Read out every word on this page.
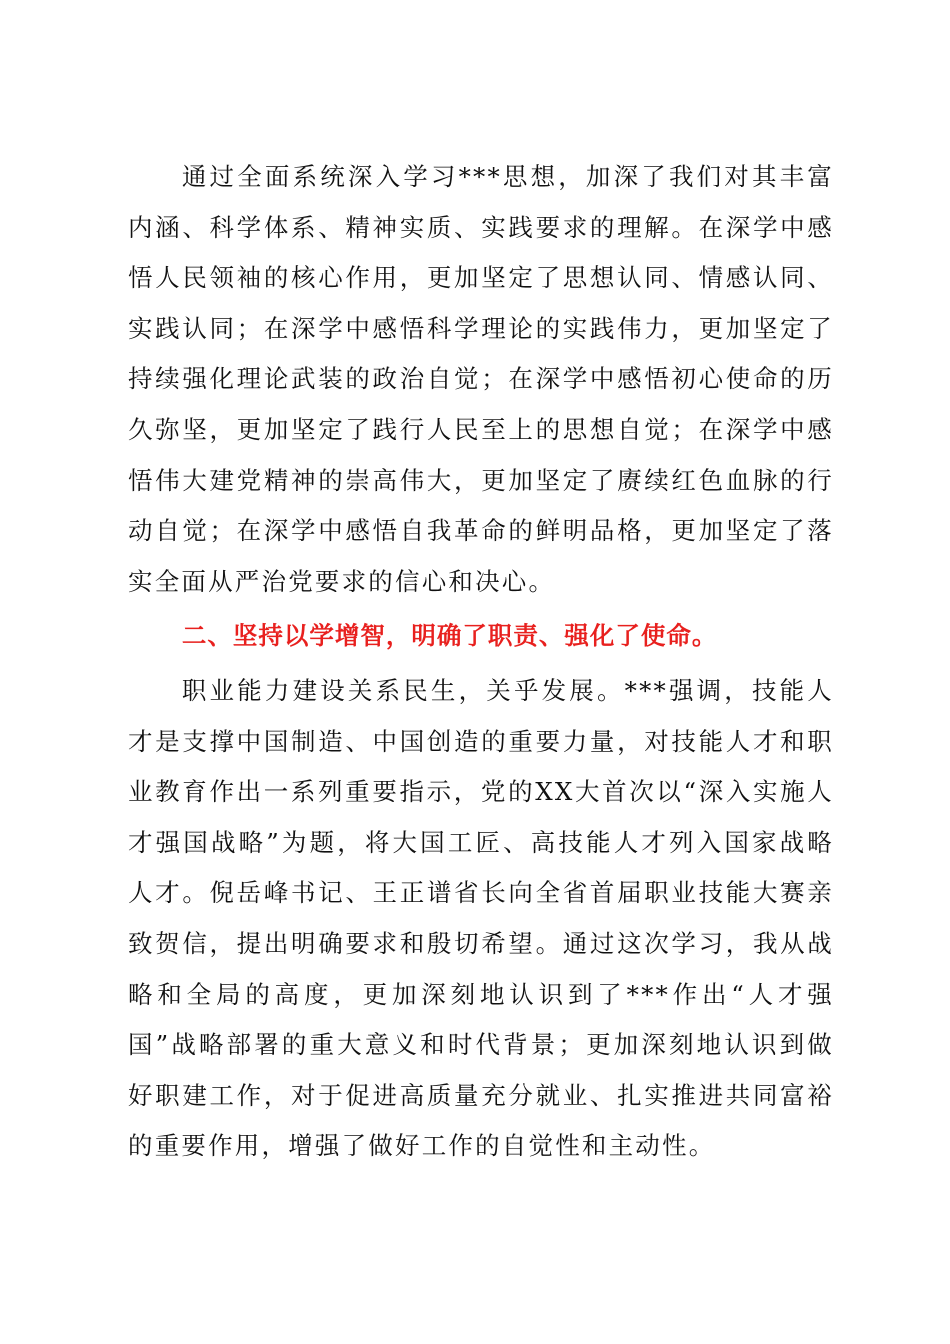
通过全面系统深入学习***思想，加深了我们对其丰富内涵、科学体系、精神实质、实践要求的理解。在深学中感悟人民领袖的核心作用，更加坚定了思想认同、情感认同、实践认同；在深学中感悟科学理论的实践伟力，更加坚定了持续强化理论武装的政治自觉；在深学中感悟初心使命的历久弥坚，更加坚定了践行人民至上的思想自觉；在深学中感悟伟大建党精神的崇高伟大，更加坚定了赓续红色血脉的行动自觉；在深学中感悟自我革命的鲜明品格，更加坚定了落实全面从严治党要求的信心和决心。

二、坚持以学增智，明确了职责、强化了使命。

职业能力建设关系民生，关乎发展。***强调，技能人才是支撑中国制造、中国创造的重要力量，对技能人才和职业教育作出一系列重要指示，党的XX大首次以“深入实施人才强国战略”为题，将大国工匠、高技能人才列入国家战略人才。倪岳峰书记、王正谱省长向全省首届职业技能大赛亲致贺信，提出明确要求和殷切希望。通过这次学习，我从战略和全局的高度，更加深刻地认识到了***作出“人才强国”战略部署的重大意义和时代背景；更加深刻地认识到做好职建工作，对于促进高质量充分就业、扎实推进共同富裕的重要作用，增强了做好工作的自觉性和主动性。
